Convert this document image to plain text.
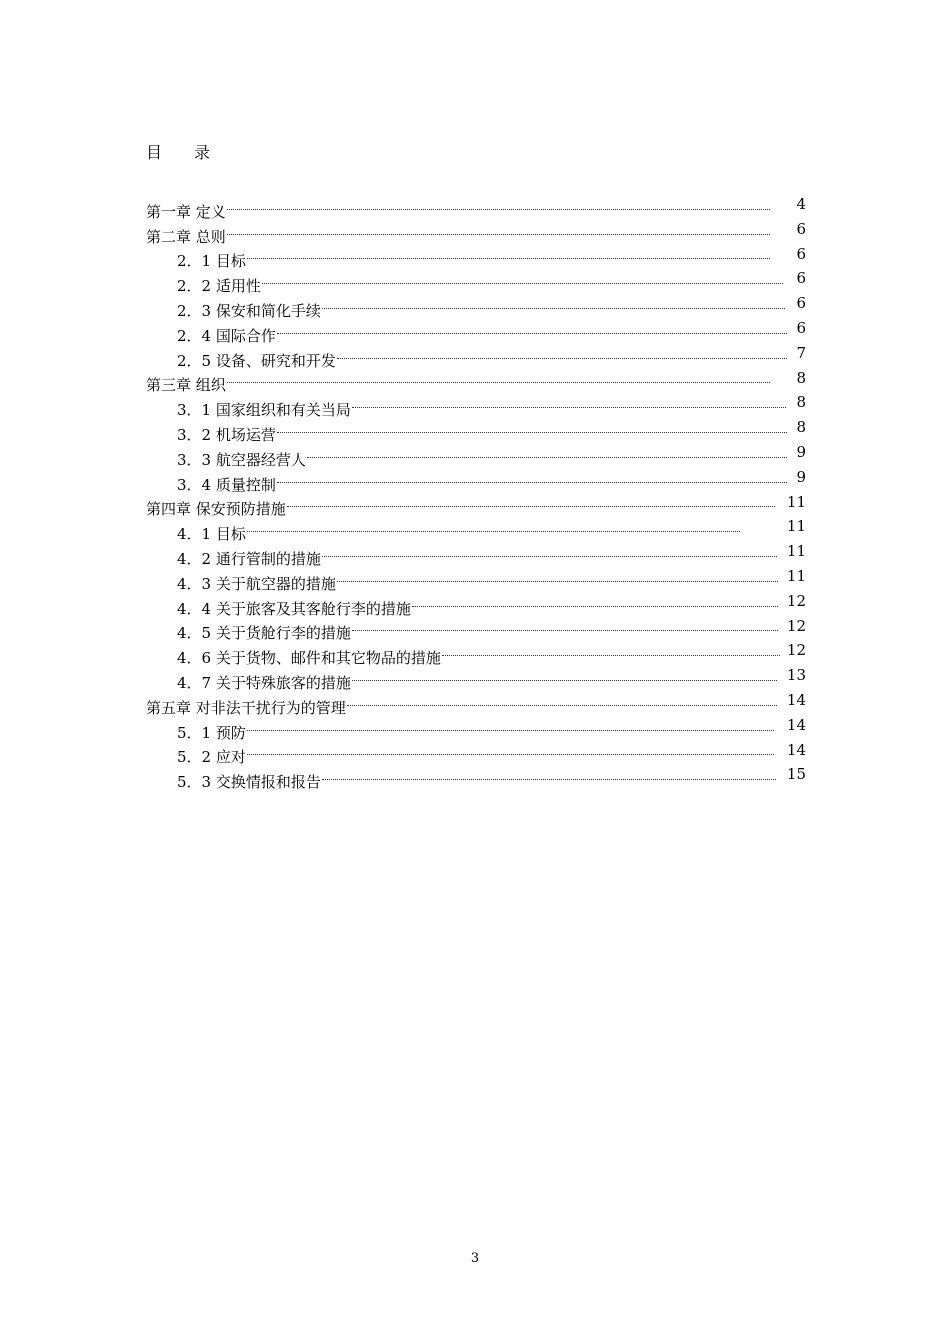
目　　录
第一章 定义	4
第二章 总则	6
2．1 目标	6
2．2 适用性	6
2．3 保安和简化手续	6
2．4 国际合作	6
2．5 设备、研究和开发	7
第三章 组织	8
3．1 国家组织和有关当局	8
3．2 机场运营	8
3．3 航空器经营人	9
3．4 质量控制	9
第四章 保安预防措施	11
4．1 目标	11
4．2 通行管制的措施	11
4．3 关于航空器的措施	11
4．4 关于旅客及其客舱行李的措施	12
4．5 关于货舱行李的措施	12
4．6 关于货物、邮件和其它物品的措施	12
4．7 关于特殊旅客的措施	13
第五章 对非法干扰行为的管理	14
5．1 预防	14
5．2 应对	14
5．3 交换情报和报告	15
3
